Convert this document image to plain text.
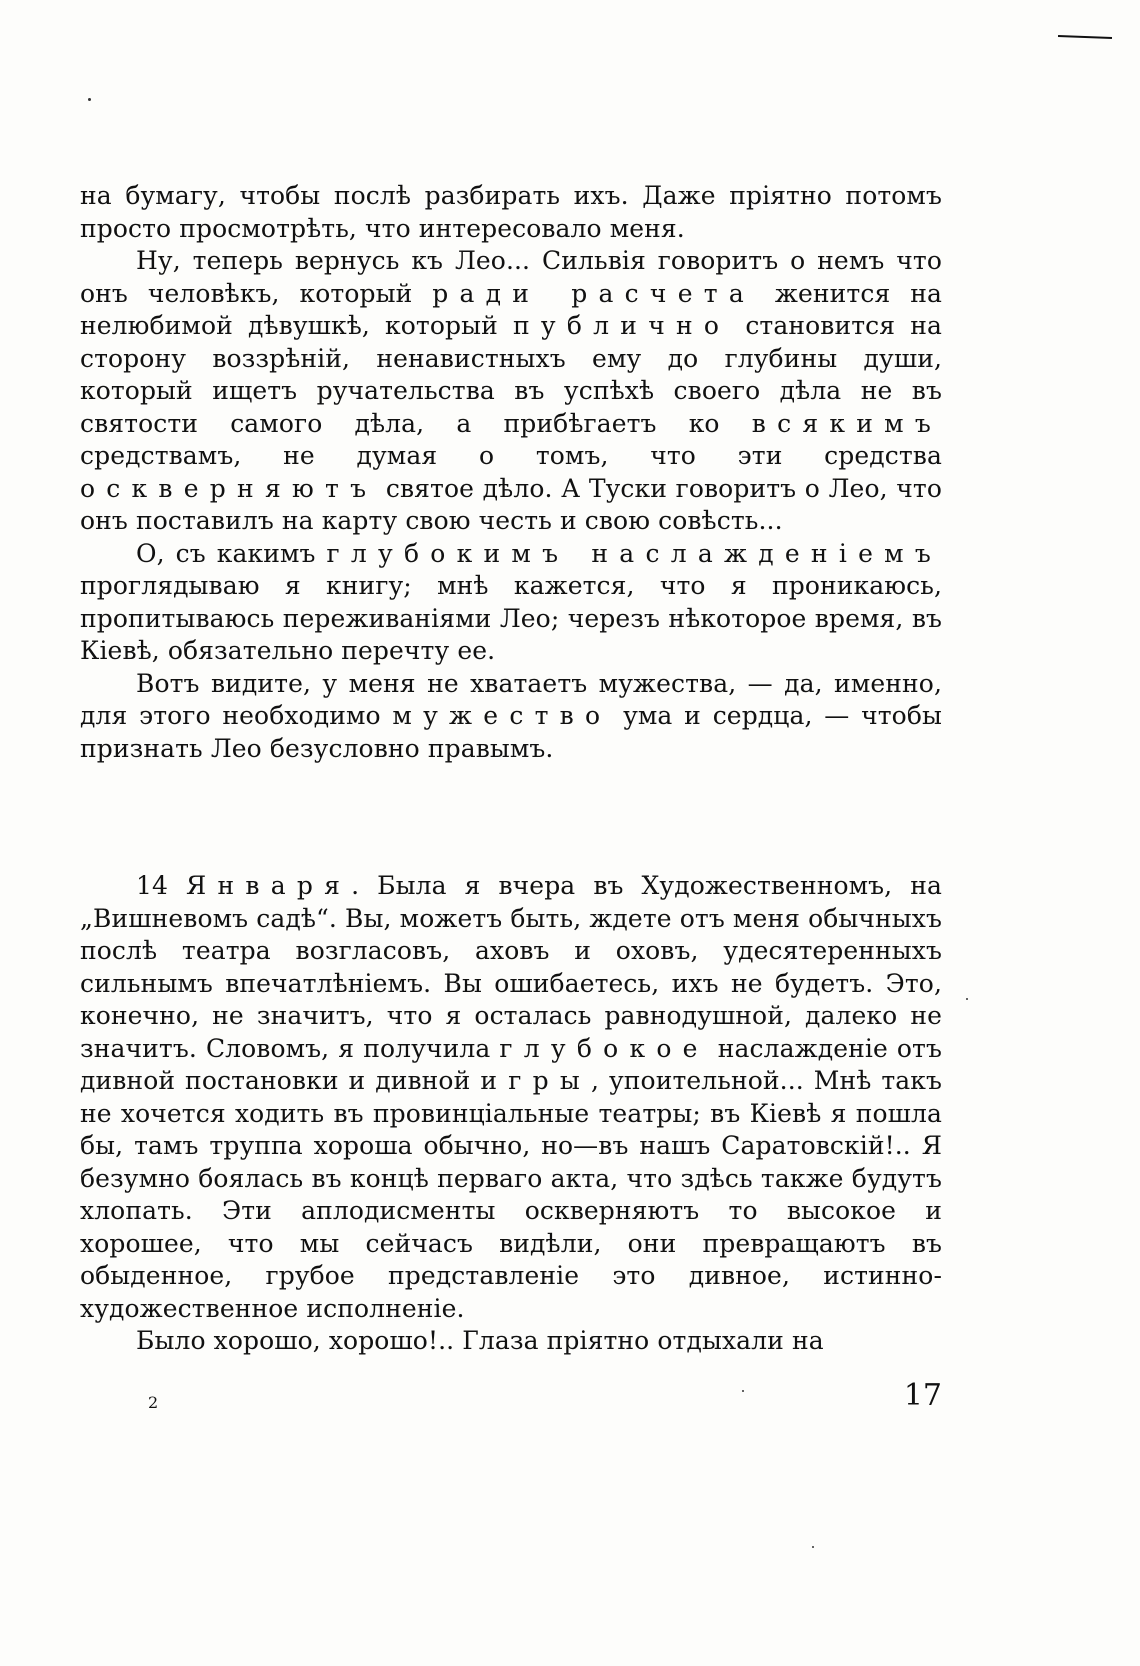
на бумагу, чтобы послѣ разбирать ихъ. Даже пріятно потомъ просто просмотрѣть, что интересовало меня.

Ну, теперь вернусь къ Лео... Сильвія говоритъ о немъ что онъ человѣкъ, который ради расчета женится на нелюбимой дѣвушкѣ, который публично становится на сторону воззрѣній, ненавистныхъ ему до глубины души, который ищетъ ручательства въ успѣхѣ своего дѣла не въ святости самого дѣла, а прибѣгаетъ ко всякимъ средствамъ, не думая о томъ, что эти средства оскверняютъ святое дѣло. А Туски говоритъ о Лео, что онъ поставилъ на карту свою честь и свою совѣсть...

О, съ какимъ глубокимъ наслажденіемъ проглядываю я книгу; мнѣ кажется, что я проникаюсь, пропитываюсь переживаніями Лео; черезъ нѣкоторое время, въ Кіевѣ, обязательно перечту ее.

Вотъ видите, у меня не хватаетъ мужества, — да, именно, для этого необходимо мужество ума и сердца, — чтобы признать Лео безусловно правымъ.

14 Января. Была я вчера въ Художественномъ, на „Вишневомъ садѣ“. Вы, можетъ быть, ждете отъ меня обычныхъ послѣ театра возгласовъ, аховъ и оховъ, удесятеренныхъ сильнымъ впечатлѣніемъ. Вы ошибаетесь, ихъ не будетъ. Это, конечно, не значитъ, что я осталась равнодушной, далеко не значитъ. Словомъ, я получила глубокое наслажденіе отъ дивной постановки и дивной игры, упоительной... Мнѣ такъ не хочется ходить въ провинціальные театры; въ Кіевѣ я пошла бы, тамъ труппа хороша обычно, но—въ нашъ Саратовскій!.. Я безумно боялась въ концѣ перваго акта, что здѣсь также будутъ хлопать. Эти аплодисменты оскверняютъ то высокое и хорошее, что мы сейчасъ видѣли, они превращаютъ въ обыденное, грубое представленіе это дивное, истинно-художественное исполненіе.

Было хорошо, хорошо!.. Глаза пріятно отдыхали на

2	17
